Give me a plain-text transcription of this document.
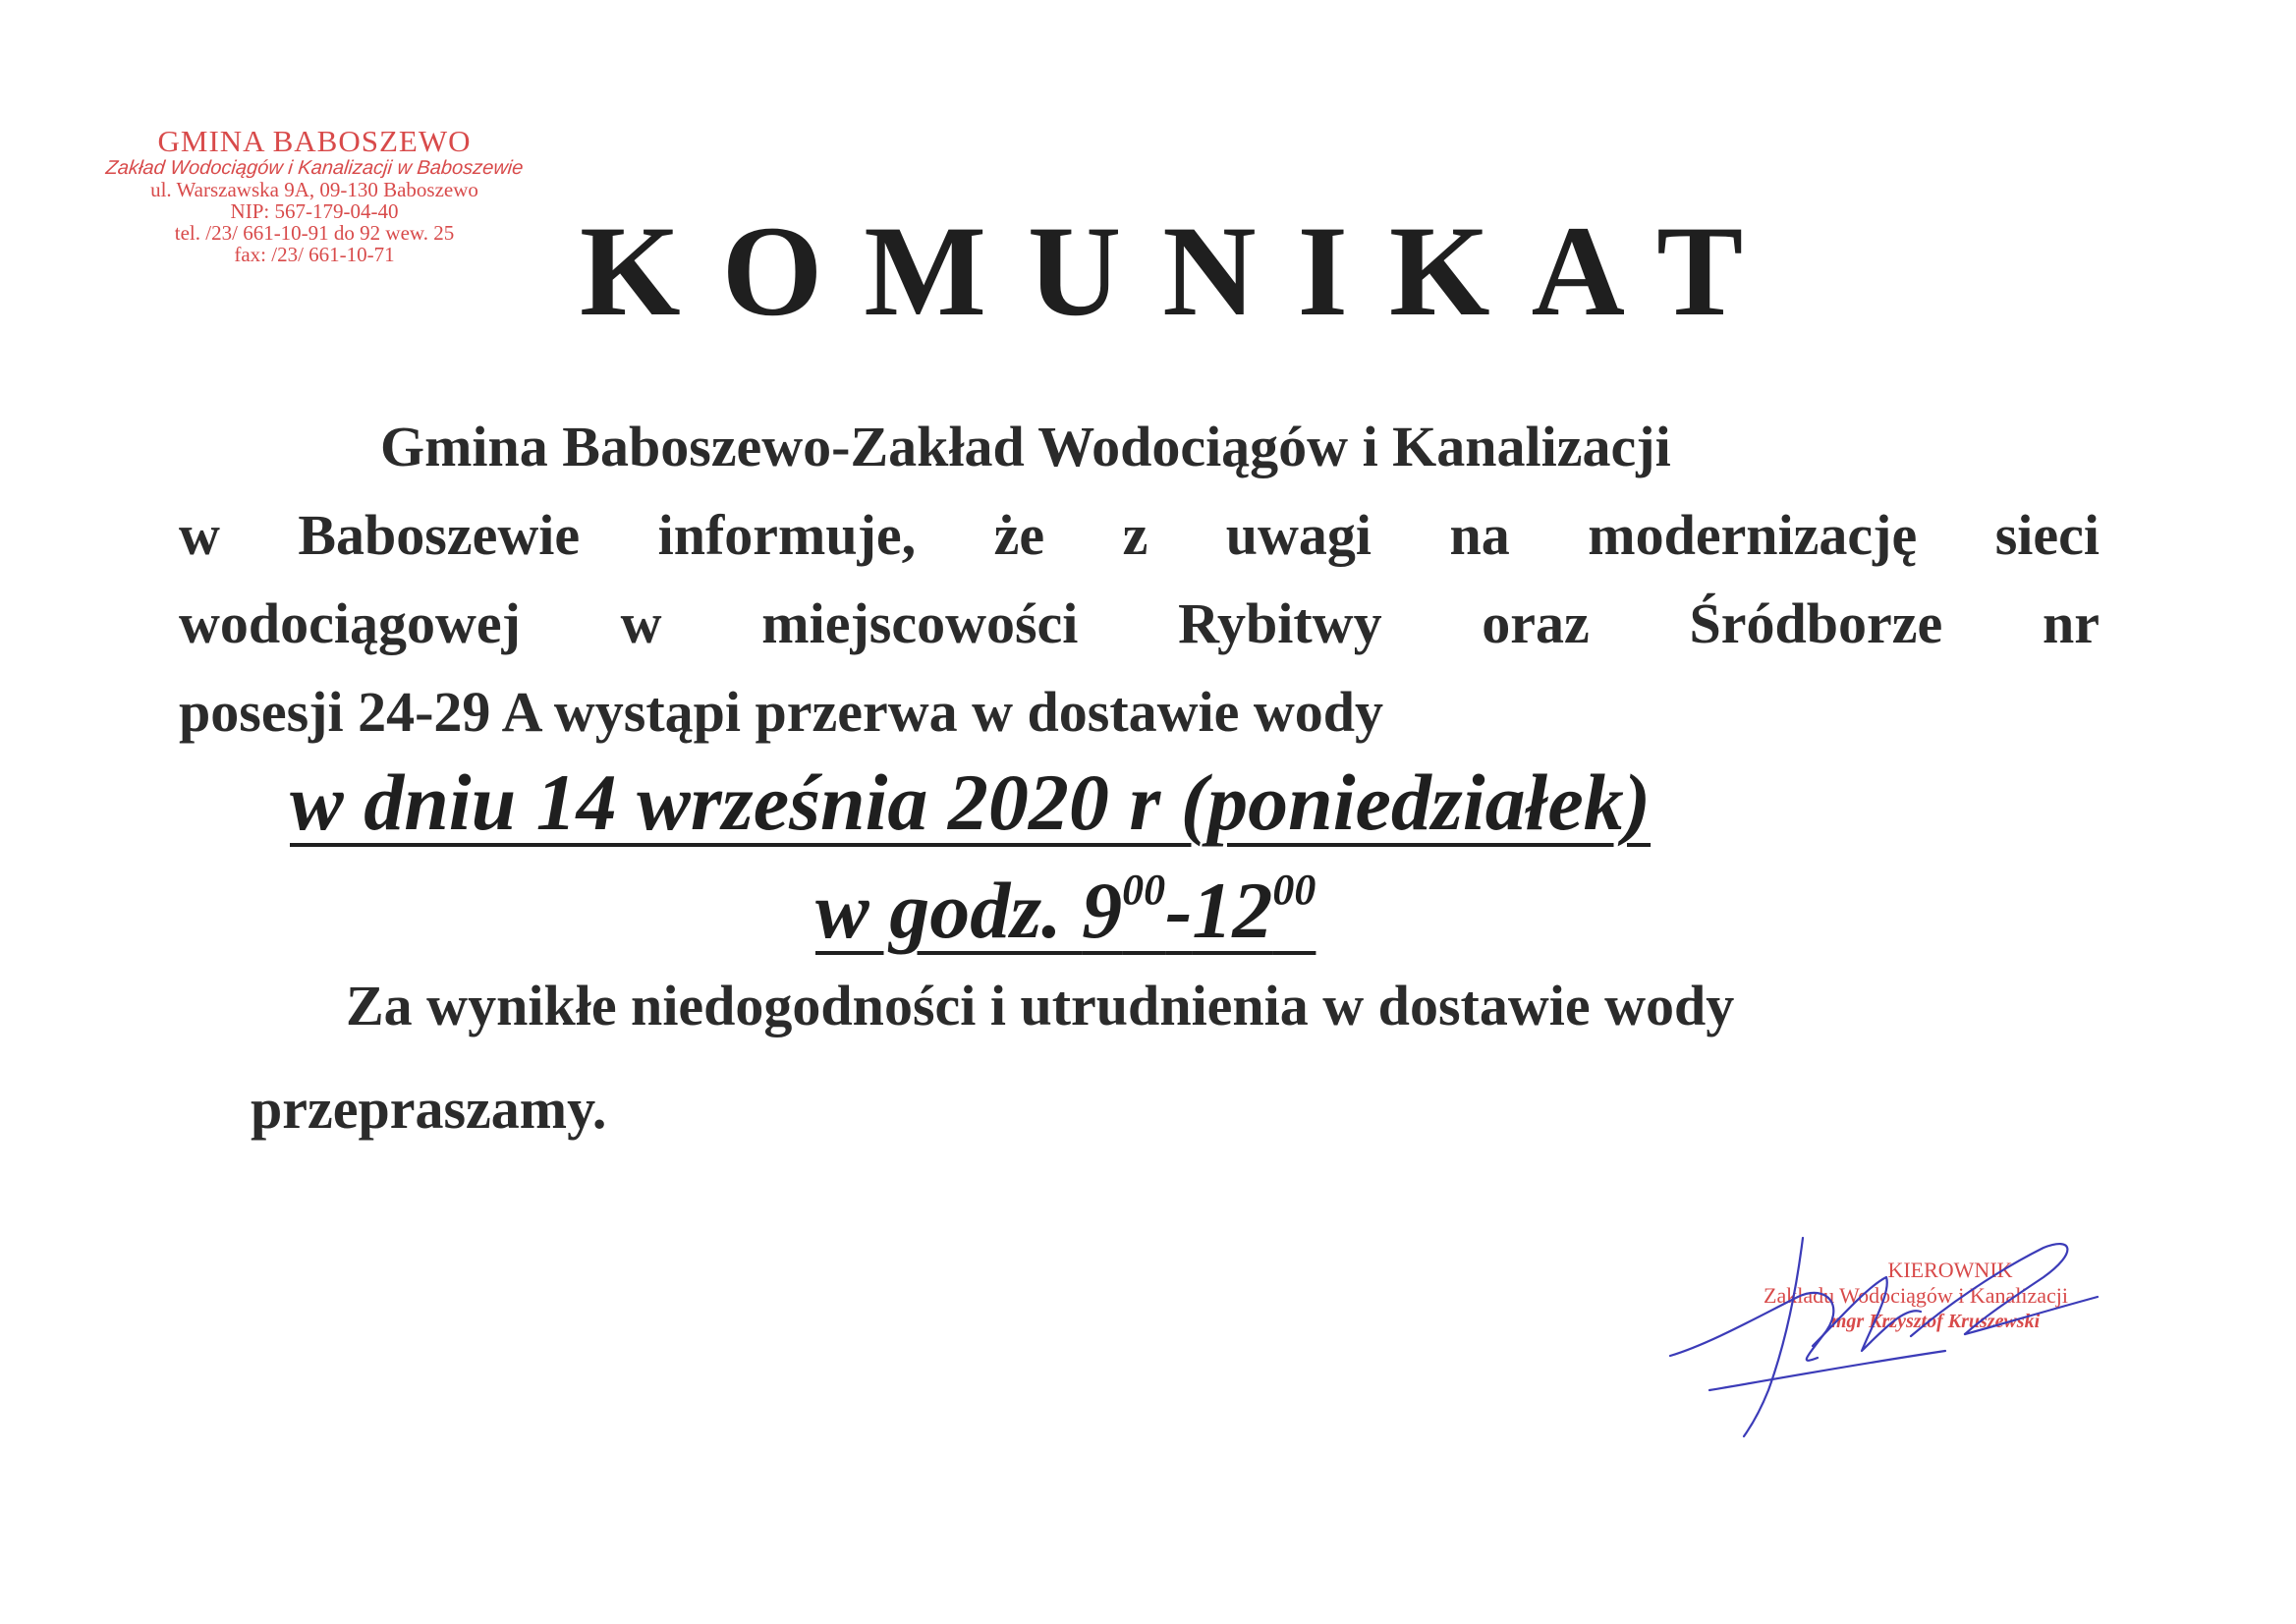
GMINA BABOSZEWO
Zakład Wodociągów i Kanalizacji w Baboszewie
ul. Warszawska 9A, 09-130 Baboszewo
NIP: 567-179-04-40
tel. /23/ 661-10-91 do 92 wew. 25
fax: /23/ 661-10-71	KOMUNIKAT
Gmina Baboszewo-Zakład Wodociągów i Kanalizacji
w Baboszewie informuje, że z uwagi na modernizację sieci
wodociągowej w miejscowości Rybitwy oraz Śródborze nr
posesji 24-29 A wystąpi przerwa w dostawie wody
w dniu 14 września 2020 r (poniedziałek)
w godz. $9^{00}-12^{00}$
Za wynikłe niedogodności i utrudnienia w dostawie wody
przepraszamy.
KIEROWNIK
Zakładu Wodociągów i Kanalizacji
mgr Krzysztof Kruszewski
